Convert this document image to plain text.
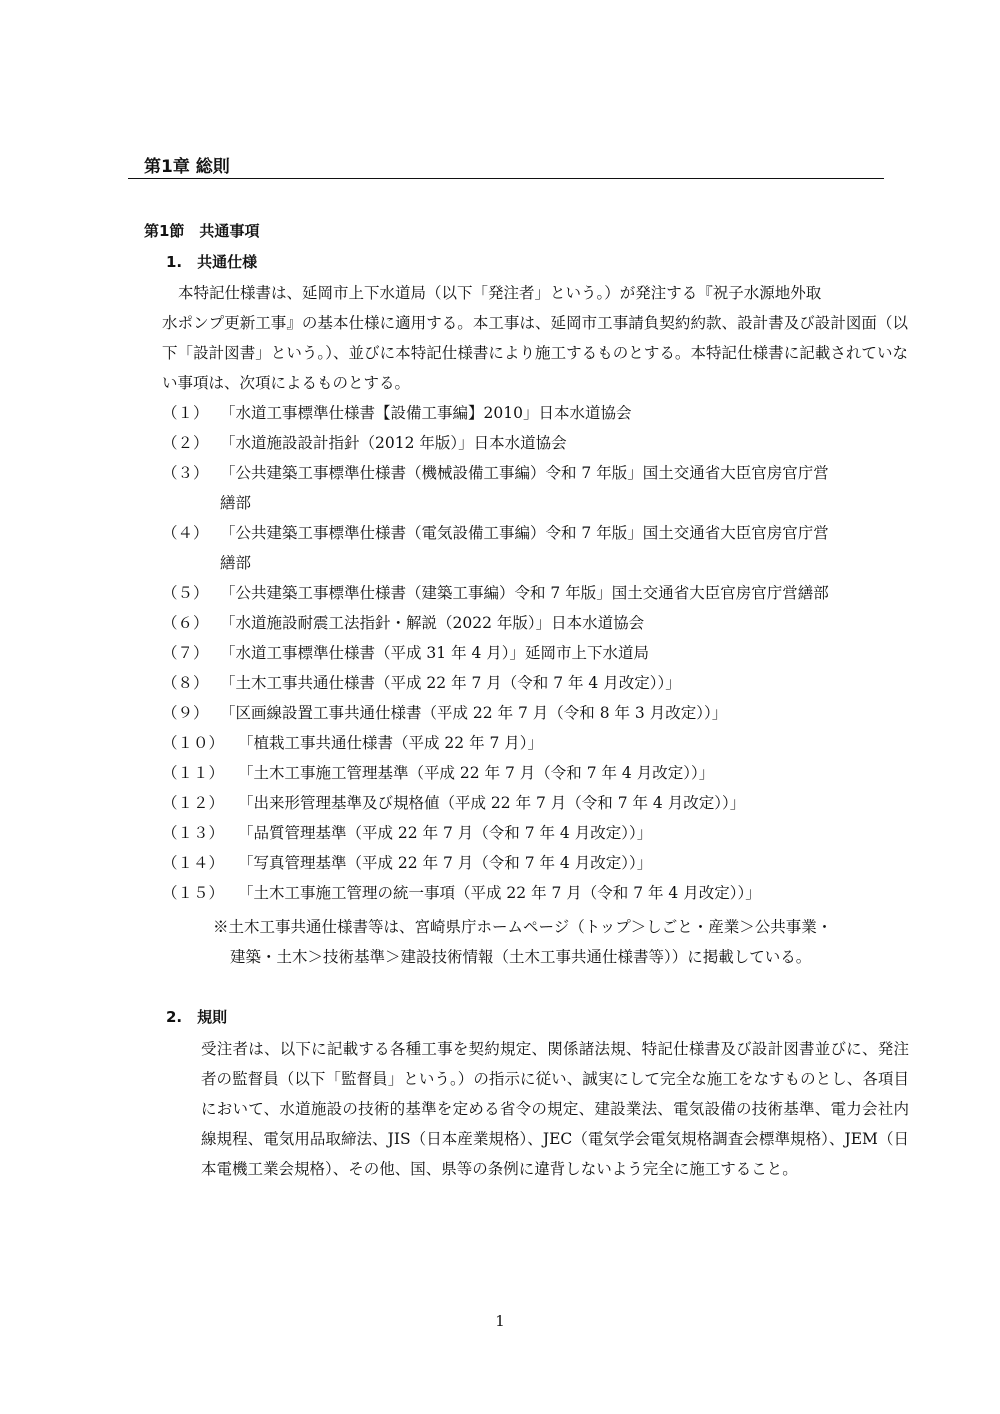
第1章 総則
第1節　共通事項
1.　共通仕様

本特記仕様書は、延岡市上下水道局（以下「発注者」という。）が発注する『祝子水源地外取
水ポンプ更新工事』の基本仕様に適用する。本工事は、延岡市工事請負契約約款、設計書及び設計図面（以下「設計図書」という。）、並びに本特記仕様書により施工するものとする。本特記仕様書に記載されていない事項は、次項によるものとする。

（１） 「水道工事標準仕様書【設備工事編】2010」日本水道協会
（２） 「水道施設設計指針（2012 年版）」日本水道協会
（３） 「公共建築工事標準仕様書（機械設備工事編）令和 7 年版」国土交通省大臣官房官庁営
繕部
（４） 「公共建築工事標準仕様書（電気設備工事編）令和 7 年版」国土交通省大臣官房官庁営
繕部
（５） 「公共建築工事標準仕様書（建築工事編）令和 7 年版」国土交通省大臣官房官庁営繕部
（６） 「水道施設耐震工法指針・解説（2022 年版）」日本水道協会
（７） 「水道工事標準仕様書（平成 31 年 4 月）」延岡市上下水道局
（８） 「土木工事共通仕様書（平成 22 年 7 月（令和 7 年 4 月改定））」
（９） 「区画線設置工事共通仕様書（平成 22 年 7 月（令和 8 年 3 月改定））」
（１０） 「植栽工事共通仕様書（平成 22 年 7 月）」
（１１） 「土木工事施工管理基準（平成 22 年 7 月（令和 7 年 4 月改定））」
（１２） 「出来形管理基準及び規格値（平成 22 年 7 月（令和 7 年 4 月改定））」
（１３） 「品質管理基準（平成 22 年 7 月（令和 7 年 4 月改定））」
（１４） 「写真管理基準（平成 22 年 7 月（令和 7 年 4 月改定））」
（１５） 「土木工事施工管理の統一事項（平成 22 年 7 月（令和 7 年 4 月改定））」

※土木工事共通仕様書等は、宮崎県庁ホームページ（トップ＞しごと・産業＞公共事業・
建築・土木＞技術基準＞建設技術情報（土木工事共通仕様書等））に掲載している。

2.　規則

受注者は、以下に記載する各種工事を契約規定、関係諸法規、特記仕様書及び設計図書並びに、発注者の監督員（以下「監督員」という。）の指示に従い、誠実にして完全な施工をなすものとし、各項目において、水道施設の技術的基準を定める省令の規定、建設業法、電気設備の技術基準、電力会社内線規程、電気用品取締法、JIS（日本産業規格）、JEC（電気学会電気規格調査会標準規格）、JEM（日本電機工業会規格）、その他、国、県等の条例に違背しないよう完全に施工すること。

1
